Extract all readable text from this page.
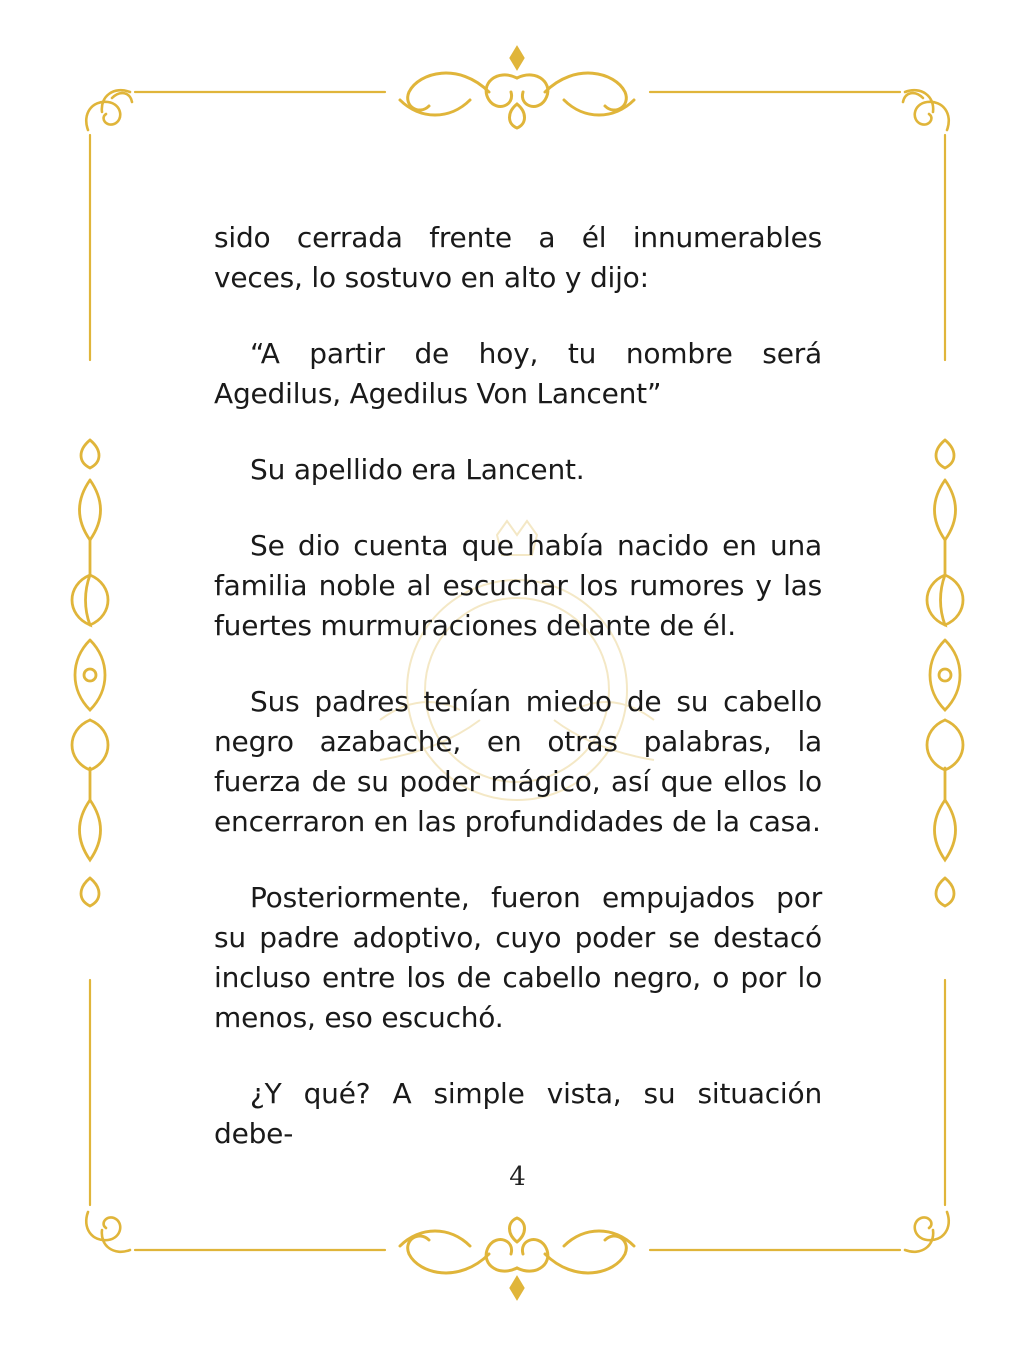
sido cerrada frente a él innumerables veces, lo sostuvo en alto y dijo:

“A partir de hoy, tu nombre será Agedilus, Agedilus Von Lancent”

Su apellido era Lancent.

Se dio cuenta que había nacido en una familia noble al escuchar los rumores y las fuertes murmuraciones delante de él.

Sus padres tenían miedo de su cabello negro azabache, en otras palabras, la fuerza de su poder mágico, así que ellos lo encerraron en las profundidades de la casa.

Posteriormente, fueron empujados por su padre adoptivo, cuyo poder se destacó incluso entre los de cabello negro, o por lo menos, eso escuchó.

¿Y qué? A simple vista, su situación debe-

4
